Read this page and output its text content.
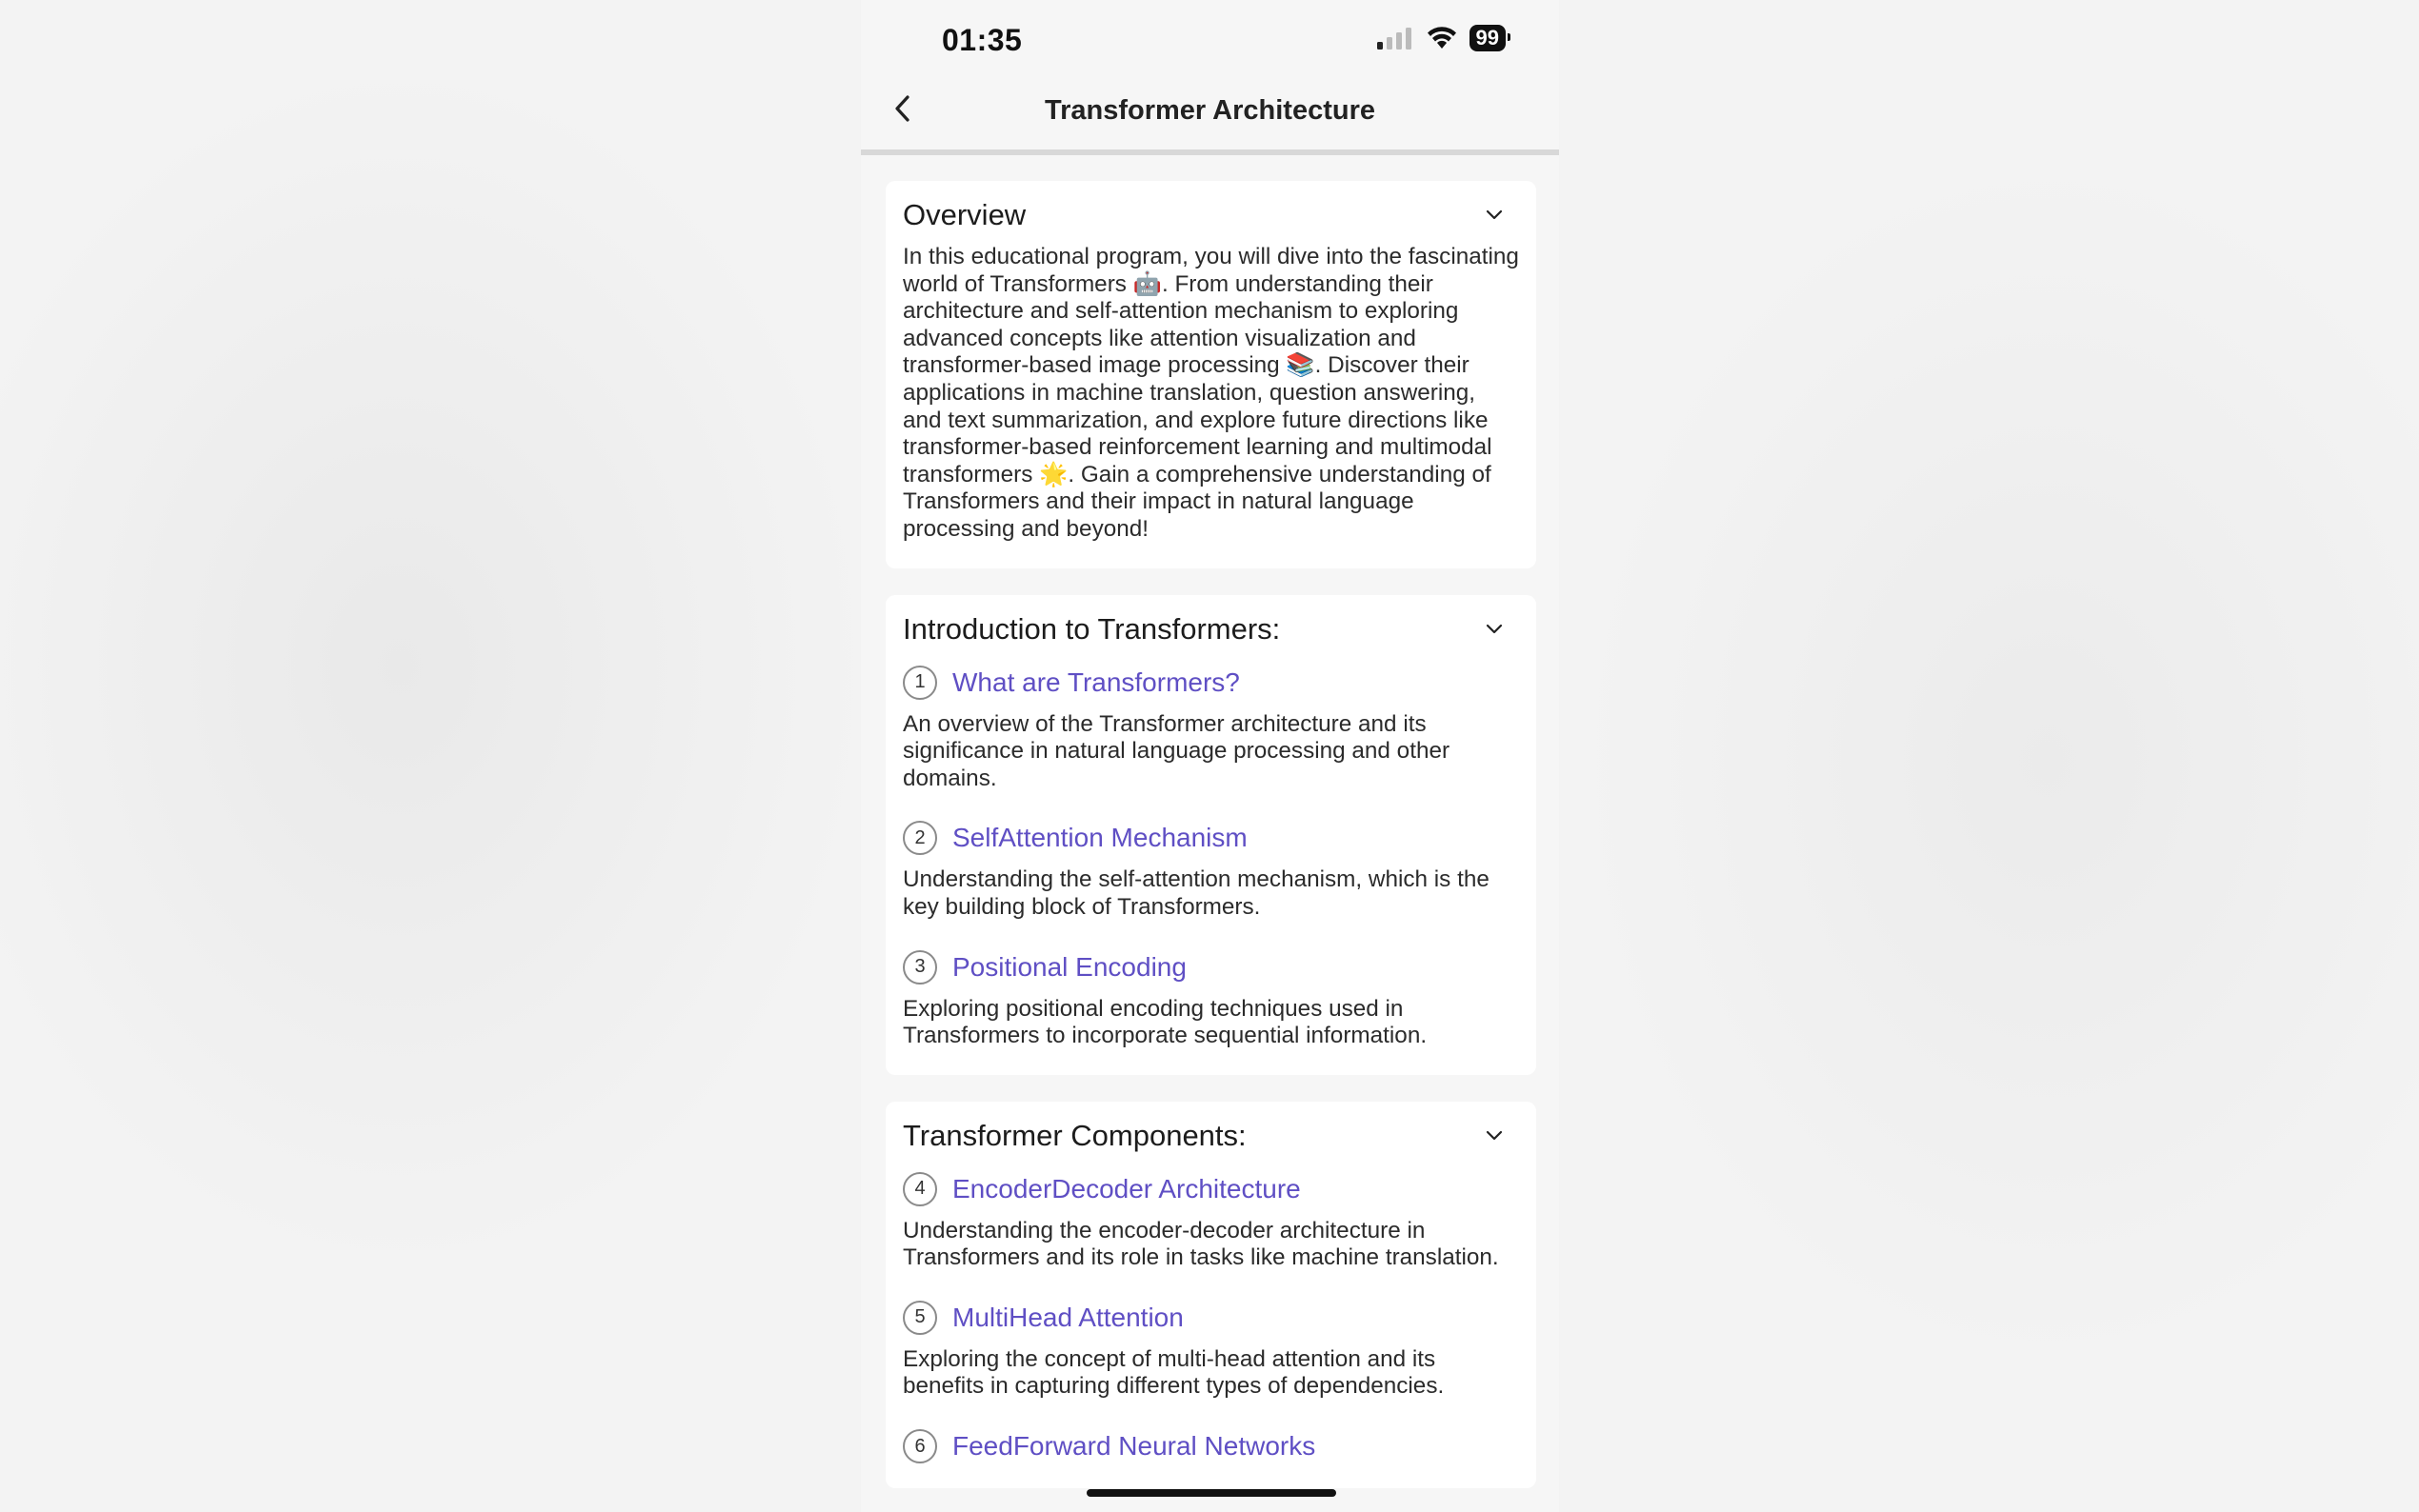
01:35	99
Transformer Architecture
Overview
In this educational program, you will dive into the fascinating world of Transformers 🤖. From understanding their architecture and self-attention mechanism to exploring advanced concepts like attention visualization and transformer-based image processing 📚. Discover their applications in machine translation, question answering, and text summarization, and explore future directions like transformer-based reinforcement learning and multimodal transformers 🌟. Gain a comprehensive understanding of Transformers and their impact in natural language processing and beyond!
Introduction to Transformers:
1	What are Transformers?
An overview of the Transformer architecture and its significance in natural language processing and other domains.
2	SelfAttention Mechanism
Understanding the self-attention mechanism, which is the key building block of Transformers.
3	Positional Encoding
Exploring positional encoding techniques used in Transformers to incorporate sequential information.
Transformer Components:
4	EncoderDecoder Architecture
Understanding the encoder-decoder architecture in Transformers and its role in tasks like machine translation.
5	MultiHead Attention
Exploring the concept of multi-head attention and its benefits in capturing different types of dependencies.
6	FeedForward Neural Networks
